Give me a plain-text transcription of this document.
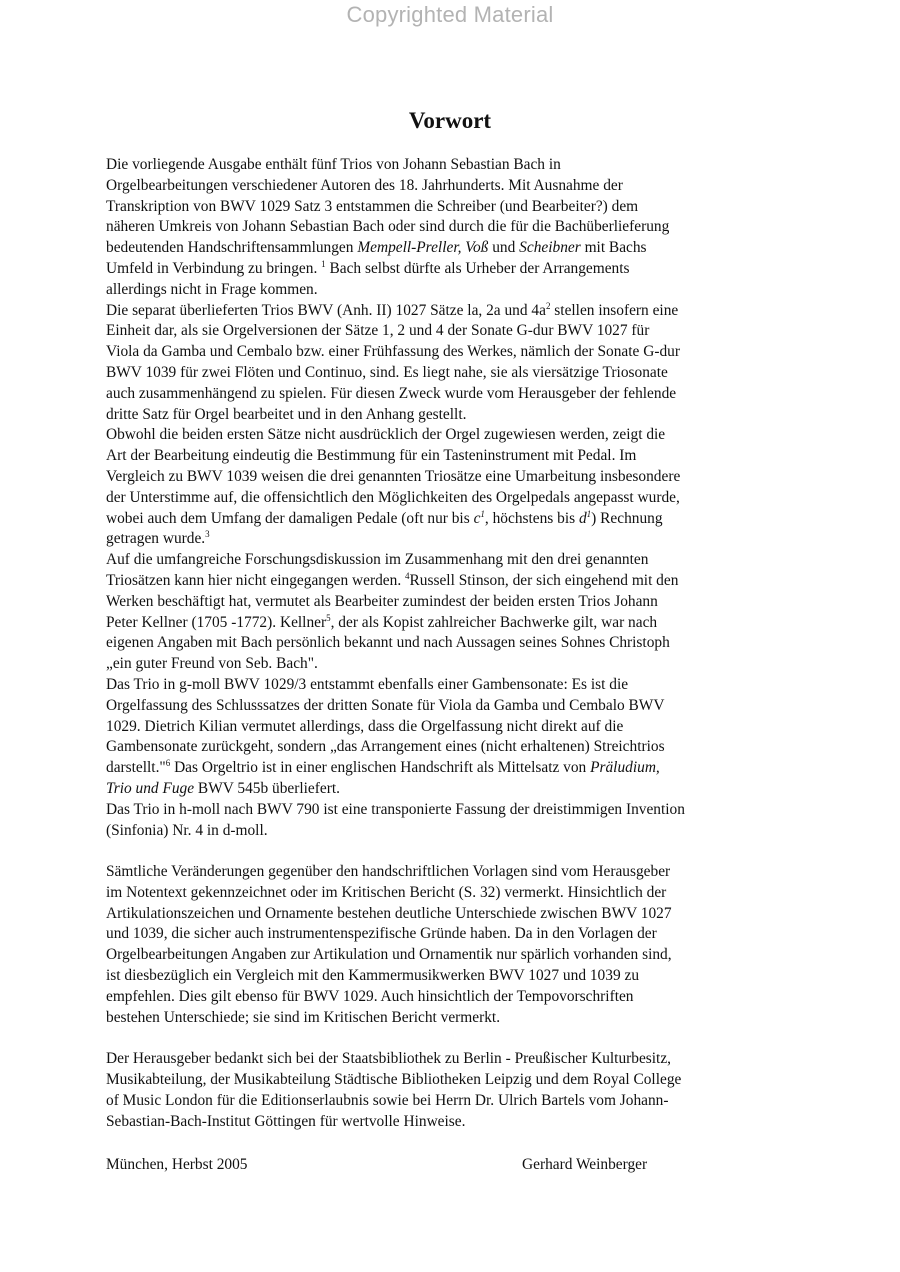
Copyrighted Material
Vorwort
Die vorliegende Ausgabe enthält fünf Trios von Johann Sebastian Bach in
Orgelbearbeitungen verschiedener Autoren des 18. Jahrhunderts. Mit Ausnahme der
Transkription von BWV 1029 Satz 3 entstammen die Schreiber (und Bearbeiter?) dem
näheren Umkreis von Johann Sebastian Bach oder sind durch die für die Bachüberlieferung
bedeutenden Handschriftensammlungen Mempell-Preller, Voß und Scheibner mit Bachs
Umfeld in Verbindung zu bringen. $^1$ Bach selbst dürfte als Urheber der Arrangements
allerdings nicht in Frage kommen.
Die separat überlieferten Trios BWV (Anh. II) 1027 Sätze la, 2a und $4a^2$ stellen insofern eine
Einheit dar, als sie Orgelversionen der Sätze 1, 2 und 4 der Sonate G-dur BWV 1027 für
Viola da Gamba und Cembalo bzw. einer Frühfassung des Werkes, nämlich der Sonate G-dur
BWV 1039 für zwei Flöten und Continuo, sind. Es liegt nahe, sie als viersätzige Triosonate
auch zusammenhängend zu spielen. Für diesen Zweck wurde vom Herausgeber der fehlende
dritte Satz für Orgel bearbeitet und in den Anhang gestellt.
Obwohl die beiden ersten Sätze nicht ausdrücklich der Orgel zugewiesen werden, zeigt die
Art der Bearbeitung eindeutig die Bestimmung für ein Tasteninstrument mit Pedal. Im
Vergleich zu BWV 1039 weisen die drei genannten Triosätze eine Umarbeitung insbesondere
der Unterstimme auf, die offensichtlich den Möglichkeiten des Orgelpedals angepasst wurde,
wobei auch dem Umfang der damaligen Pedale (oft nur bis $c^1$, höchstens bis $d^1$) Rechnung
getragen wurde.$^3$
Auf die umfangreiche Forschungsdiskussion im Zusammenhang mit den drei genannten
Triosätzen kann hier nicht eingegangen werden. $^4$Russell Stinson, der sich eingehend mit den
Werken beschäftigt hat, vermutet als Bearbeiter zumindest der beiden ersten Trios Johann
Peter Kellner (1705 -1772). Kellner$^5$, der als Kopist zahlreicher Bachwerke gilt, war nach
eigenen Angaben mit Bach persönlich bekannt und nach Aussagen seines Sohnes Christoph
„ein guter Freund von Seb. Bach".
Das Trio in g-moll BWV 1029/3 entstammt ebenfalls einer Gambensonate: Es ist die
Orgelfassung des Schlusssatzes der dritten Sonate für Viola da Gamba und Cembalo BWV
1029. Dietrich Kilian vermutet allerdings, dass die Orgelfassung nicht direkt auf die
Gambensonate zurückgeht, sondern „das Arrangement eines (nicht erhaltenen) Streichtrios
darstellt."$^6$ Das Orgeltrio ist in einer englischen Handschrift als Mittelsatz von Präludium,
Trio und Fuge BWV 545b überliefert.
Das Trio in h-moll nach BWV 790 ist eine transponierte Fassung der dreistimmigen Invention
(Sinfonia) Nr. 4 in d-moll.
Sämtliche Veränderungen gegenüber den handschriftlichen Vorlagen sind vom Herausgeber
im Notentext gekennzeichnet oder im Kritischen Bericht (S. 32) vermerkt. Hinsichtlich der
Artikulationszeichen und Ornamente bestehen deutliche Unterschiede zwischen BWV 1027
und 1039, die sicher auch instrumentenspezifische Gründe haben. Da in den Vorlagen der
Orgelbearbeitungen Angaben zur Artikulation und Ornamentik nur spärlich vorhanden sind,
ist diesbezüglich ein Vergleich mit den Kammermusikwerken BWV 1027 und 1039 zu
empfehlen. Dies gilt ebenso für BWV 1029. Auch hinsichtlich der Tempovorschriften
bestehen Unterschiede; sie sind im Kritischen Bericht vermerkt.
Der Herausgeber bedankt sich bei der Staatsbibliothek zu Berlin - Preußischer Kulturbesitz,
Musikabteilung, der Musikabteilung Städtische Bibliotheken Leipzig und dem Royal College
of Music London für die Editionserlaubnis sowie bei Herrn Dr. Ulrich Bartels vom Johann-
Sebastian-Bach-Institut Göttingen für wertvolle Hinweise.
München, Herbst 2005	Gerhard Weinberger
